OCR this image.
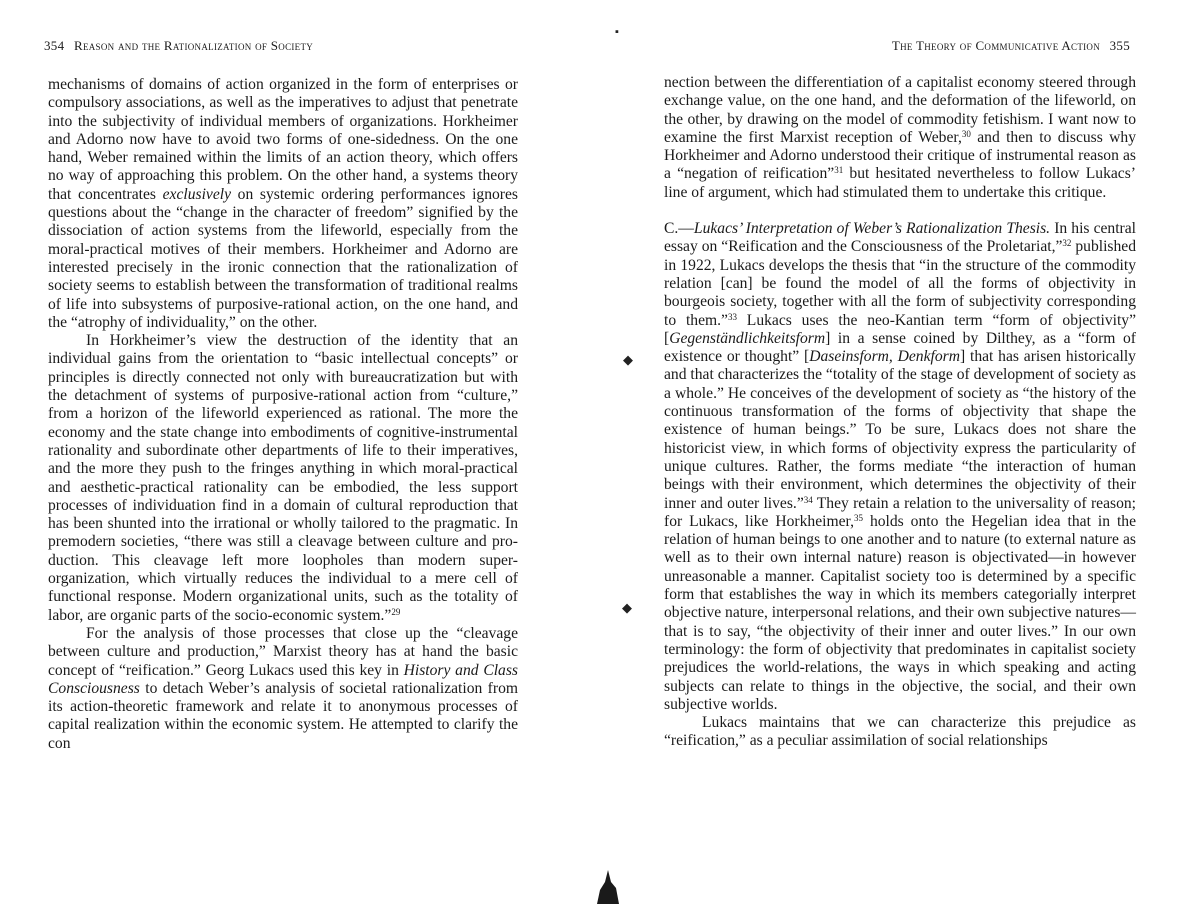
354 Reason and the Rationalization of Society

mechanisms of domains of action organized in the form of enterprises or compulsory associations, as well as the imperatives to adjust that penetrate into the subjectivity of individual members of organizations. Horkheimer and Adorno now have to avoid two forms of one-sidedness. On the one hand, Weber remained within the limits of an action theory, which offers no way of approaching this problem. On the other hand, a systems theory that concentrates exclusively on systemic ordering performances ignores questions about the “change in the character of freedom” signified by the dissociation of action systems from the lifeworld, especially from the moral-practical motives of their members. Horkheimer and Adorno are interested precisely in the ironic connection that the rationalization of society seems to establish between the transformation of traditional realms of life into subsystems of purposive-rational action, on the one hand, and the “atrophy of individuality,” on the other.

In Horkheimer’s view the destruction of the identity that an individual gains from the orientation to “basic intellectual concepts” or principles is directly connected not only with bureaucratization but with the detachment of systems of purposive-rational action from “culture,” from a horizon of the lifeworld experienced as rational. The more the economy and the state change into embodiments of cognitive-instrumental rationality and subordinate other departments of life to their imperatives, and the more they push to the fringes anything in which moral-practical and aesthetic-practical rationality can be embodied, the less support processes of individuation find in a domain of cultural reproduction that has been shunted into the irrational or wholly tailored to the pragmatic. In premodern societies, “there was still a cleavage between culture and production. This cleavage left more loopholes than modern super-organization, which virtually reduces the individual to a mere cell of functional response. Modern organizational units, such as the totality of labor, are organic parts of the socio-economic system.”$^{29}$

For the analysis of those processes that close up the “cleavage between culture and production,” Marxist theory has at hand the basic concept of “reification.” Georg Lukacs used this key in History and Class Consciousness to detach Weber’s analysis of societal rationalization from its action-theoretic framework and relate it to anonymous processes of capital realization within the economic system. He attempted to clarify the con

The Theory of Communicative Action 355

nection between the differentiation of a capitalist economy steered through exchange value, on the one hand, and the deformation of the lifeworld, on the other, by drawing on the model of commodity fetishism. I want now to examine the first Marxist reception of Weber,$^{30}$ and then to discuss why Horkheimer and Adorno understood their critique of instrumental reason as a “negation of reification”$^{31}$ but hesitated nevertheless to follow Lukacs’ line of argument, which had stimulated them to undertake this critique.

C.—Lukacs’ Interpretation of Weber’s Rationalization Thesis. In his central essay on “Reification and the Consciousness of the Proletariat,”$^{32}$ published in 1922, Lukacs develops the thesis that “in the structure of the commodity relation [can] be found the model of all the forms of objectivity in bourgeois society, together with all the form of subjectivity corresponding to them.”$^{33}$ Lukacs uses the neo-Kantian term “form of objectivity” [Gegenständlichkeitsform] in a sense coined by Dilthey, as a “form of existence or thought” [Daseinsform, Denkform] that has arisen historically and that characterizes the “totality of the stage of development of society as a whole.” He conceives of the development of society as “the history of the continuous transformation of the forms of objectivity that shape the existence of human beings.” To be sure, Lukacs does not share the historicist view, in which forms of objectivity express the particularity of unique cultures. Rather, the forms mediate “the interaction of human beings with their environment, which determines the objectivity of their inner and outer lives.”$^{34}$ They retain a relation to the universality of reason; for Lukacs, like Horkheimer,$^{35}$ holds onto the Hegelian idea that in the relation of human beings to one another and to nature (to external nature as well as to their own internal nature) reason is objectivated—in however unreasonable a manner. Capitalist society too is determined by a specific form that establishes the way in which its members categorially interpret objective nature, interpersonal relations, and their own subjective natures—that is to say, “the objectivity of their inner and outer lives.” In our own terminology: the form of objectivity that predominates in capitalist society prejudices the world-relations, the ways in which speaking and acting subjects can relate to things in the objective, the social, and their own subjective worlds.

Lukacs maintains that we can characterize this prejudice as “reification,” as a peculiar assimilation of social relationships

▪
◆
◆
